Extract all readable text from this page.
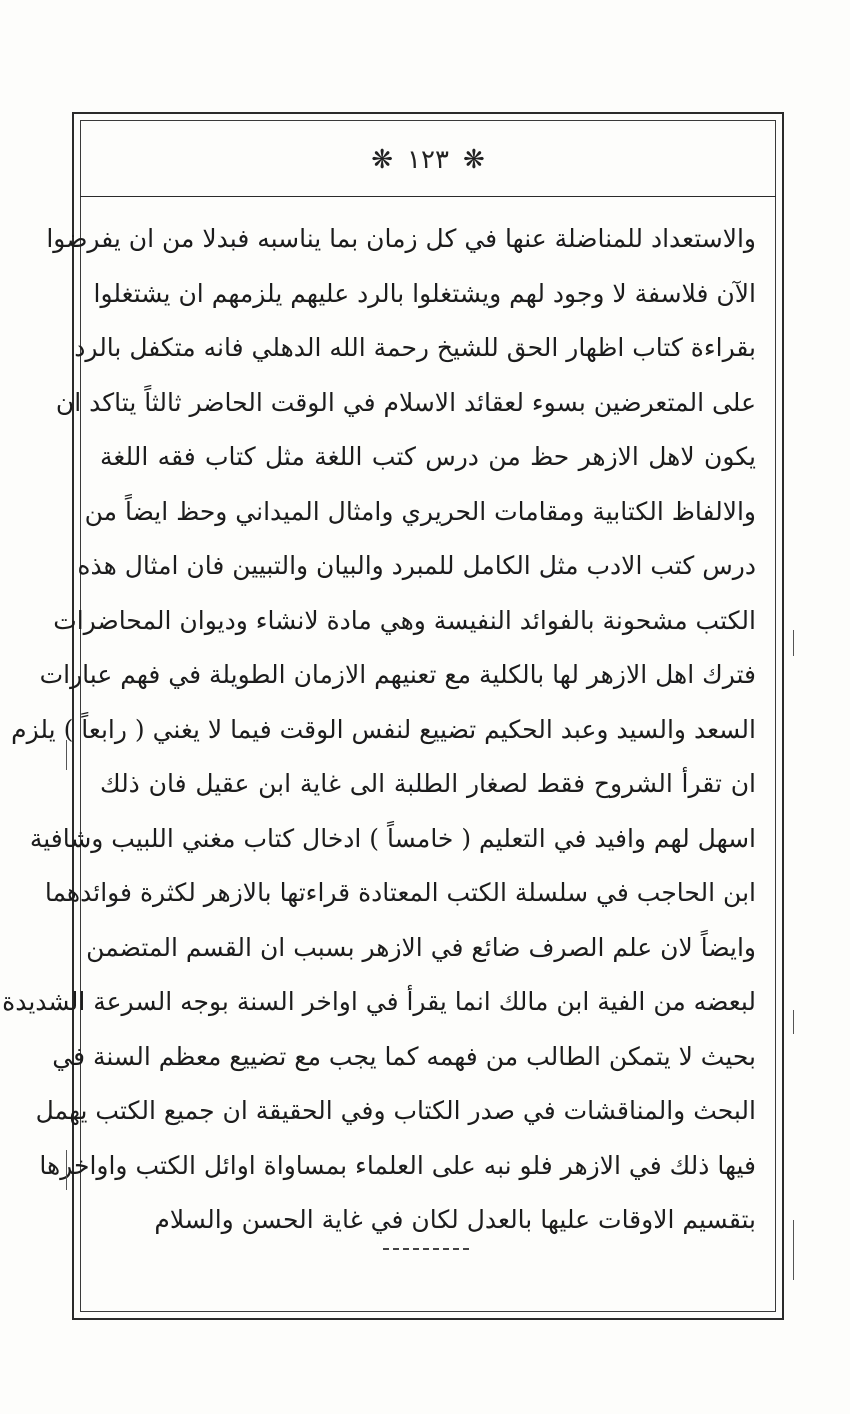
❋ ١٢٣ ❋
والاستعداد للمناضلة عنها في كل زمان بما يناسبه فبدلا من ان يفرضوا
الآن فلاسفة لا وجود لهم ويشتغلوا بالرد عليهم يلزمهم ان يشتغلوا
بقراءة كتاب اظهار الحق للشيخ رحمة الله الدهلي فانه متكفل بالرد
على المتعرضين بسوء لعقائد الاسلام في الوقت الحاضر ثالثاً يتاكد ان
يكون لاهل الازهر حظ من درس كتب اللغة مثل كتاب فقه اللغة
والالفاظ الكتابية ومقامات الحريري وامثال الميداني وحظ ايضاً من
درس كتب الادب مثل الكامل للمبرد والبيان والتبيين فان امثال هذه
الكتب مشحونة بالفوائد النفيسة وهي مادة لانشاء وديوان المحاضرات
فترك اهل الازهر لها بالكلية مع تعنيهم الازمان الطويلة في فهم عبارات
السعد والسيد وعبد الحكيم تضييع لنفس الوقت فيما لا يغني ( رابعاً ) يلزم
ان تقرأ الشروح فقط لصغار الطلبة الى غاية ابن عقيل فان ذلك
اسهل لهم وافيد في التعليم ( خامساً ) ادخال كتاب مغني اللبيب وشافية
ابن الحاجب في سلسلة الكتب المعتادة قراءتها بالازهر لكثرة فوائدهما
وايضاً لان علم الصرف ضائع في الازهر بسبب ان القسم المتضمن
لبعضه من الفية ابن مالك انما يقرأ في اواخر السنة بوجه السرعة الشديدة
بحيث لا يتمكن الطالب من فهمه كما يجب مع تضييع معظم السنة في
البحث والمناقشات في صدر الكتاب وفي الحقيقة ان جميع الكتب يهمل
فيها ذلك في الازهر فلو نبه على العلماء بمساواة اوائل الكتب واواخرها
بتقسيم الاوقات عليها بالعدل لكان في غاية الحسن والسلام
